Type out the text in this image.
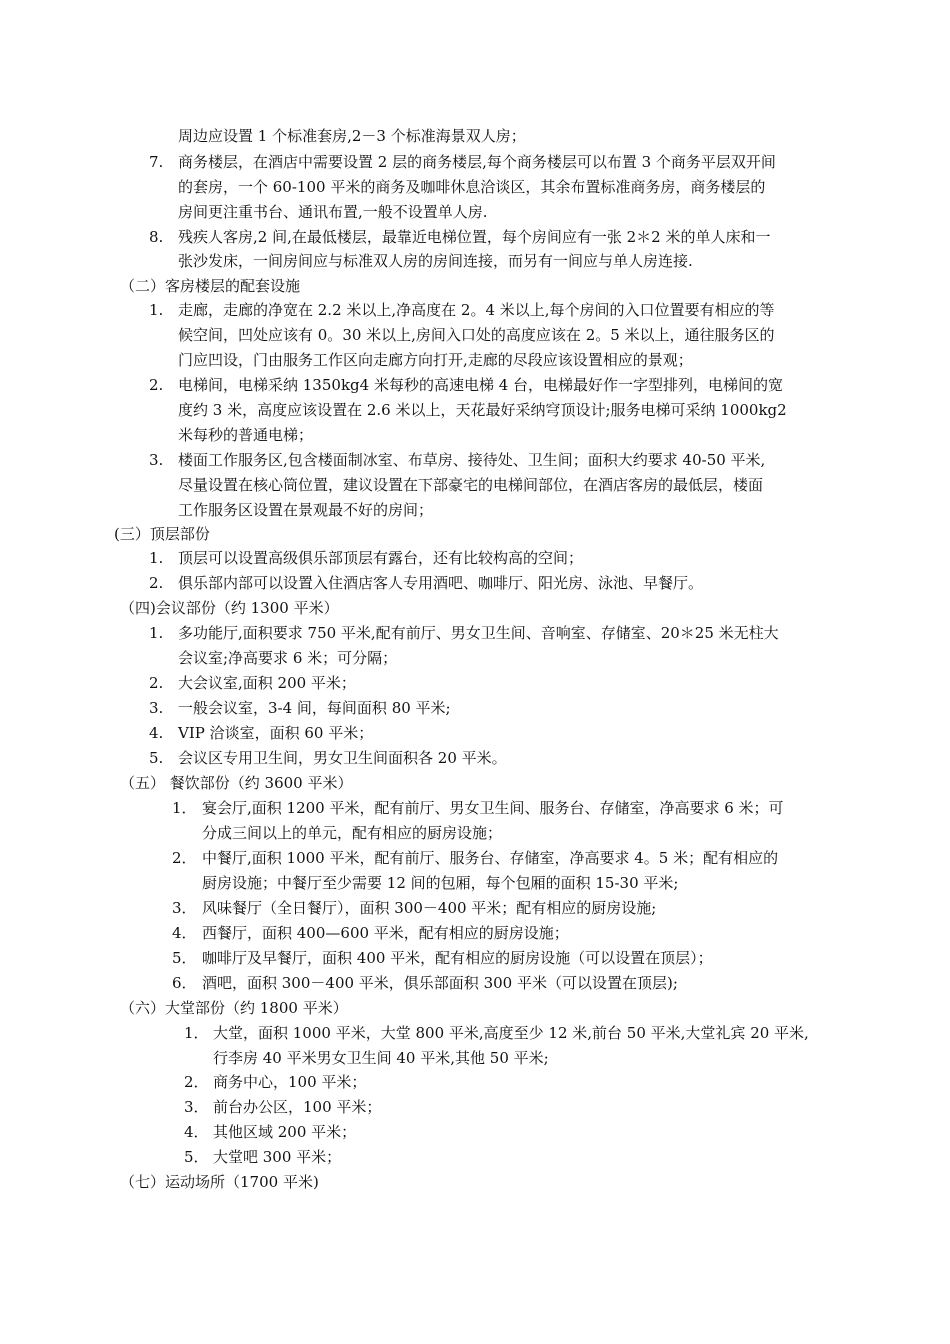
周边应设置 1 个标准套房,2－3 个标准海景双人房；
7. 商务楼层，在酒店中需要设置 2 层的商务楼层,每个商务楼层可以布置 3 个商务平层双开间
的套房，一个 60-100 平米的商务及咖啡休息洽谈区，其余布置标准商务房，商务楼层的
房间更注重书台、通讯布置,一般不设置单人房.
8. 残疾人客房,2 间,在最低楼层，最靠近电梯位置，每个房间应有一张 2＊2 米的单人床和一
张沙发床，一间房间应与标准双人房的房间连接，而另有一间应与单人房连接.
（二）客房楼层的配套设施
1. 走廊，走廊的净宽在 2.2 米以上,净高度在 2。4 米以上,每个房间的入口位置要有相应的等
候空间，凹处应该有 0。30 米以上,房间入口处的高度应该在 2。5 米以上，通往服务区的
门应凹设，门由服务工作区向走廊方向打开,走廊的尽段应该设置相应的景观；
2. 电梯间，电梯采纳 1350kg4 米每秒的高速电梯 4 台，电梯最好作一字型排列，电梯间的宽
度约 3 米，高度应该设置在 2.6 米以上，天花最好采纳穹顶设计;服务电梯可采纳 1000kg2
米每秒的普通电梯；
3. 楼面工作服务区,包含楼面制冰室、布草房、接待处、卫生间；面积大约要求 40-50 平米,
尽量设置在核心筒位置，建议设置在下部豪宅的电梯间部位，在酒店客房的最低层，楼面
工作服务区设置在景观最不好的房间；
(三）顶层部份
1. 顶层可以设置高级俱乐部顶层有露台，还有比较构高的空间；
2. 俱乐部内部可以设置入住酒店客人专用酒吧、咖啡厅、阳光房、泳池、早餐厅。
（四)会议部份（约 1300 平米）
1. 多功能厅,面积要求 750 平米,配有前厅、男女卫生间、音响室、存储室、20＊25 米无柱大
会议室;净高要求 6 米；可分隔；
2. 大会议室,面积 200 平米；
3. 一般会议室，3-4 间，每间面积 80 平米;
4. VIP 洽谈室，面积 60 平米；
5. 会议区专用卫生间，男女卫生间面积各 20 平米。
（五） 餐饮部份（约 3600 平米）
1． 宴会厅,面积 1200 平米，配有前厅、男女卫生间、服务台、存储室，净高要求 6 米；可
分成三间以上的单元，配有相应的厨房设施；
2． 中餐厅,面积 1000 平米，配有前厅、服务台、存储室，净高要求 4。5 米；配有相应的
厨房设施；中餐厅至少需要 12 间的包厢，每个包厢的面积 15-30 平米;
3． 风味餐厅（全日餐厅），面积 300－400 平米；配有相应的厨房设施;
4． 西餐厅，面积 400—600 平米，配有相应的厨房设施；
5． 咖啡厅及早餐厅，面积 400 平米，配有相应的厨房设施（可以设置在顶层）；
6． 酒吧，面积 300－400 平米，俱乐部面积 300 平米（可以设置在顶层);
（六）大堂部份（约 1800 平米）
1． 大堂，面积 1000 平米，大堂 800 平米,高度至少 12 米,前台 50 平米,大堂礼宾 20 平米,
行李房 40 平米男女卫生间 40 平米,其他 50 平米;
2． 商务中心，100 平米；
3． 前台办公区，100 平米；
4． 其他区域 200 平米；
5． 大堂吧 300 平米；
（七）运动场所（1700 平米)
